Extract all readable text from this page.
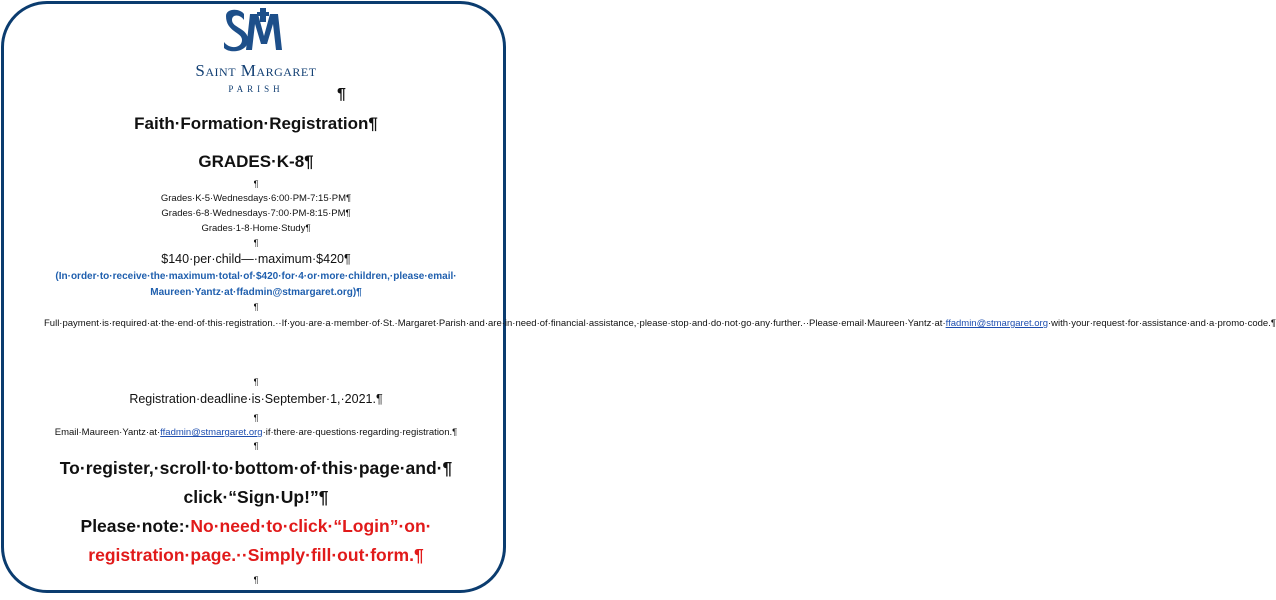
Saint Margaret
PARISH	¶
Faith·Formation·Registration¶
GRADES·K-8¶
¶
Grades·K-5·Wednesdays·6:00·PM-7:15·PM¶
Grades·6-8·Wednesdays·7:00·PM-8:15·PM¶
Grades·1-8·Home·Study¶
¶
$140·per·child—·maximum·$420¶
(In·order·to·receive·the·maximum·total·of·$420·for·4·or·more·children,·please·email·
Maureen·Yantz·at·ffadmin@stmargaret.org)¶
¶
Full·payment·is·required·at·the·end·of·this·registration.··If·you·are·a·member·of·St.·Margaret·Parish·and·are·in·need·of·financial·assistance,·please·stop·and·do·not·go·any·further.··Please·email·Maureen·Yantz·at·ffadmin@stmargaret.org·with·your·request·for·assistance·and·a·promo·code.¶
¶
Registration·deadline·is·September·1,·2021.¶
¶
Email·Maureen·Yantz·at·ffadmin@stmargaret.org·if·there·are·questions·regarding·registration.¶
¶
To·register,·scroll·to·bottom·of·this·page·and·¶
click·“Sign·Up!”¶
Please·note:·No·need·to·click·“Login”·on·
registration·page.··Simply·fill·out·form.¶
¶
